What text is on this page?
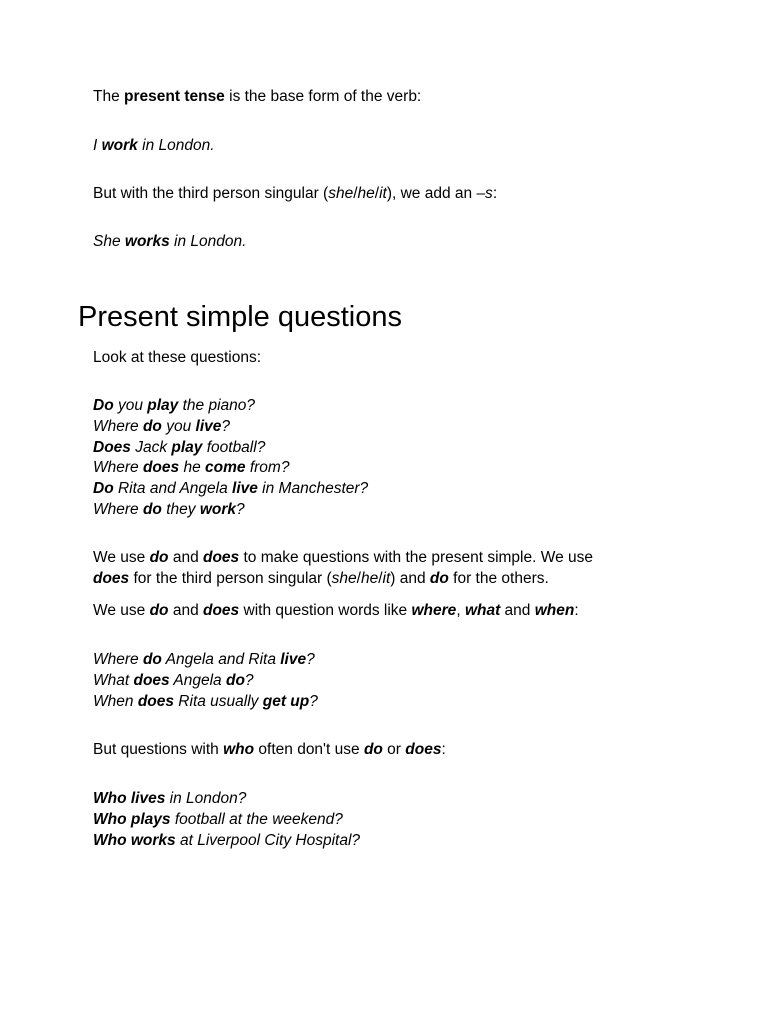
The present tense is the base form of the verb:
I work in London.
But with the third person singular (she/he/it), we add an –s:
She works in London.
Present simple questions
Look at these questions:
Do you play the piano?
Where do you live?
Does Jack play football?
Where does he come from?
Do Rita and Angela live in Manchester?
Where do they work?
We use do and does to make questions with the present simple. We use
does for the third person singular (she/he/it) and do for the others.
We use do and does with question words like where, what and when:
Where do Angela and Rita live?
What does Angela do?
When does Rita usually get up?
But questions with who often don't use do or does:
Who lives in London?
Who plays football at the weekend?
Who works at Liverpool City Hospital?
